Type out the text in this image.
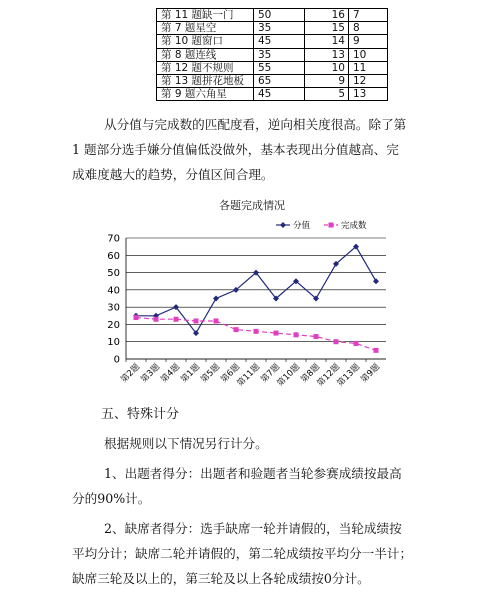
第 11 题缺一门	50	16	7
第 7 题星空	35	15	8
第 10 题窗口	45	14	9
第 8 题连线	35	13	10
第 12 题不规则	55	10	11
第 13 题拼花地板	65	9	12
第 9 题六角星	45	5	13

从分值与完成数的匹配度看，逆向相关度很高。除了第
1 题部分选手嫌分值偏低没做外，基本表现出分值越高、完
成难度越大的趋势，分值区间合理。

各题完成情况
0
10
20
30
40
50
60
70
第2题
第3题
第4题
第1题
第5题
第6题
第11题
第7题
第10题
第8题
第12题
第13题
第9题
分值	完成数
五、特殊计分
根据规则以下情况另行计分。
1、出题者得分：出题者和验题者当轮参赛成绩按最高
分的90%计。
2、缺席者得分：选手缺席一轮并请假的，当轮成绩按
平均分计；缺席二轮并请假的，第二轮成绩按平均分一半计；
缺席三轮及以上的，第三轮及以上各轮成绩按0分计。
